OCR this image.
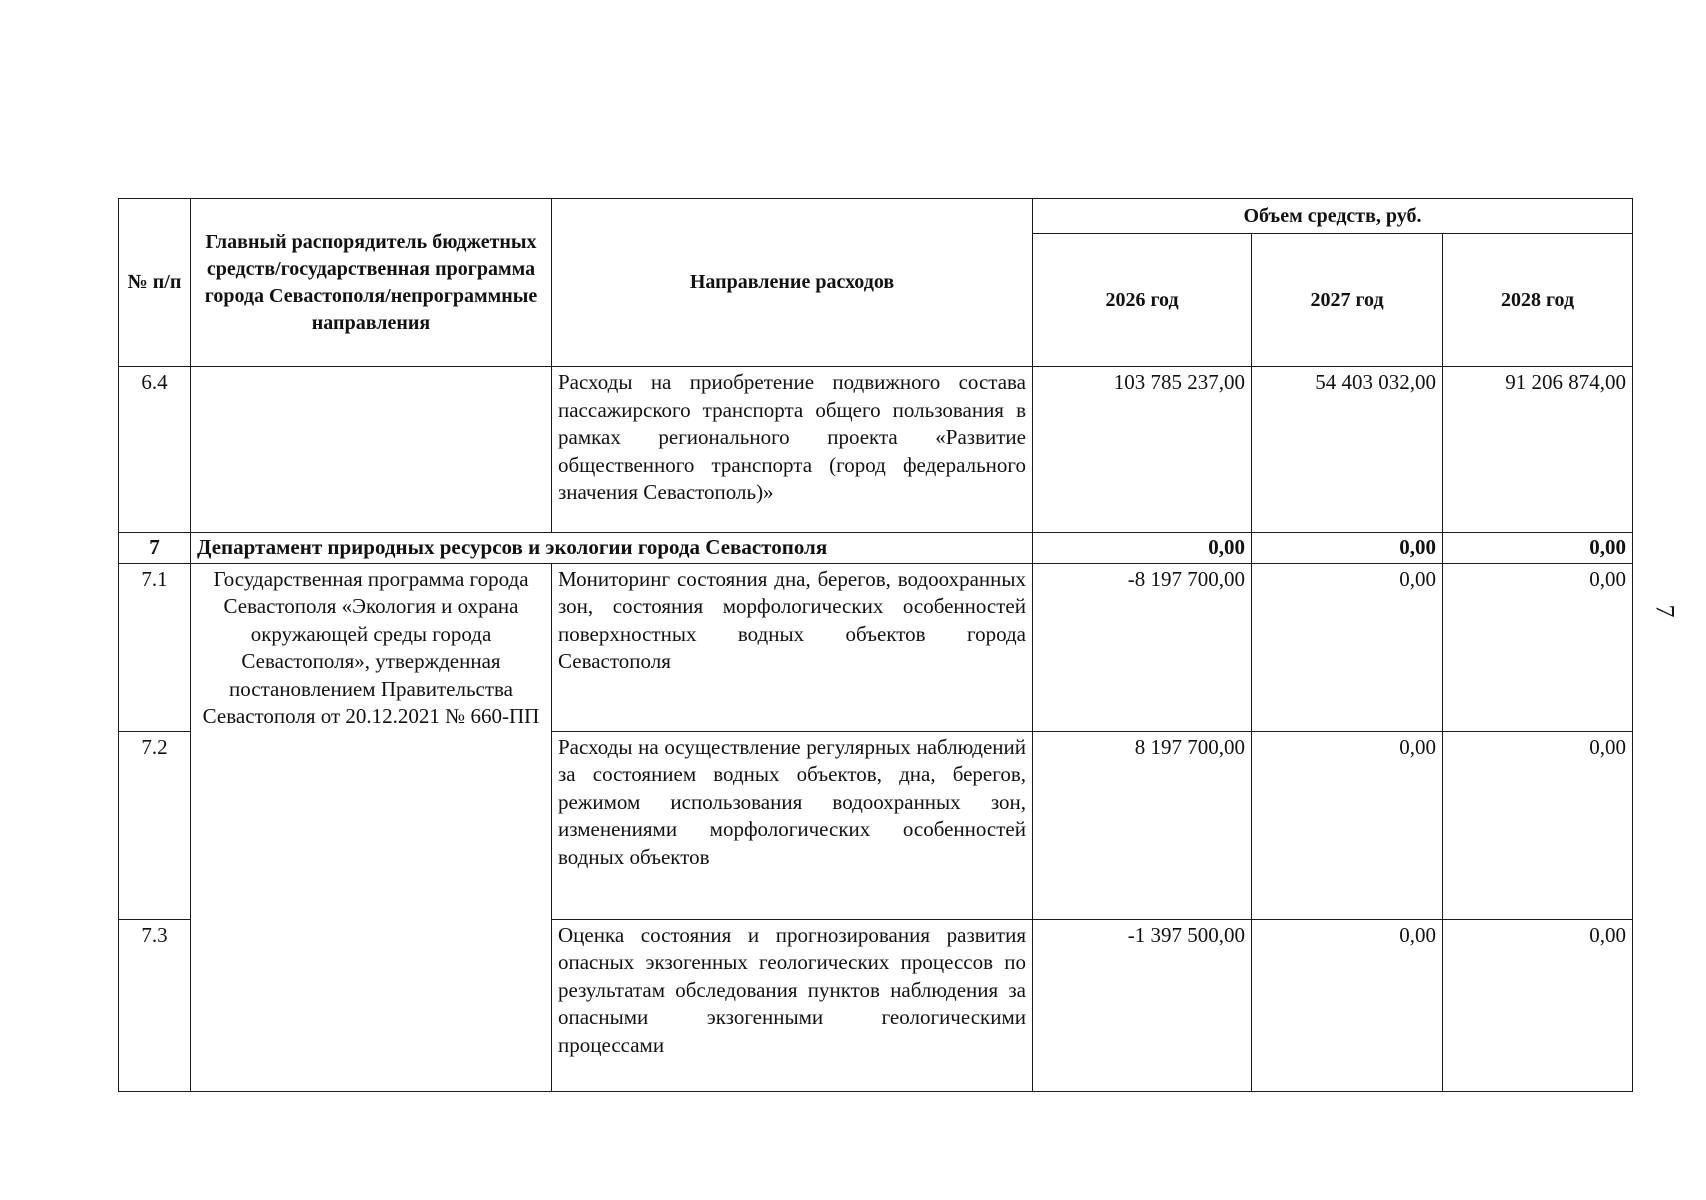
№ п/п	Главный распорядитель бюджетных средств/государственная программа города Севастополя/непрограммные направления	Направление расходов	Объем средств, руб.		
			2026 год	2027 год	2028 год
6.4		Расходы на приобретение подвижного состава пассажирского транспорта общего пользования в рамках регионального проекта «Развитие общественного транспорта (город федерального значения Севастополь)»	103 785 237,00	54 403 032,00	91 206 874,00
7	Департамент природных ресурсов и экологии города Севастополя		0,00	0,00	0,00
7.1	Государственная программа города Севастополя «Экология и охрана окружающей среды города Севастополя», утвержденная постановлением Правительства Севастополя от 20.12.2021 № 660-ПП	Мониторинг состояния дна, берегов, водоохранных зон, состояния морфологических особенностей поверхностных водных объектов города Севастополя	-8 197 700,00	0,00	0,00
7.2		Расходы на осуществление регулярных наблюдений за состоянием водных объектов, дна, берегов, режимом использования водоохранных зон, изменениями морфологических особенностей водных объектов	8 197 700,00	0,00	0,00
7.3		Оценка состояния и прогнозирования развития опасных экзогенных геологических процессов по результатам обследования пунктов наблюдения за опасными экзогенными геологическими процессами	-1 397 500,00	0,00	0,00
7
